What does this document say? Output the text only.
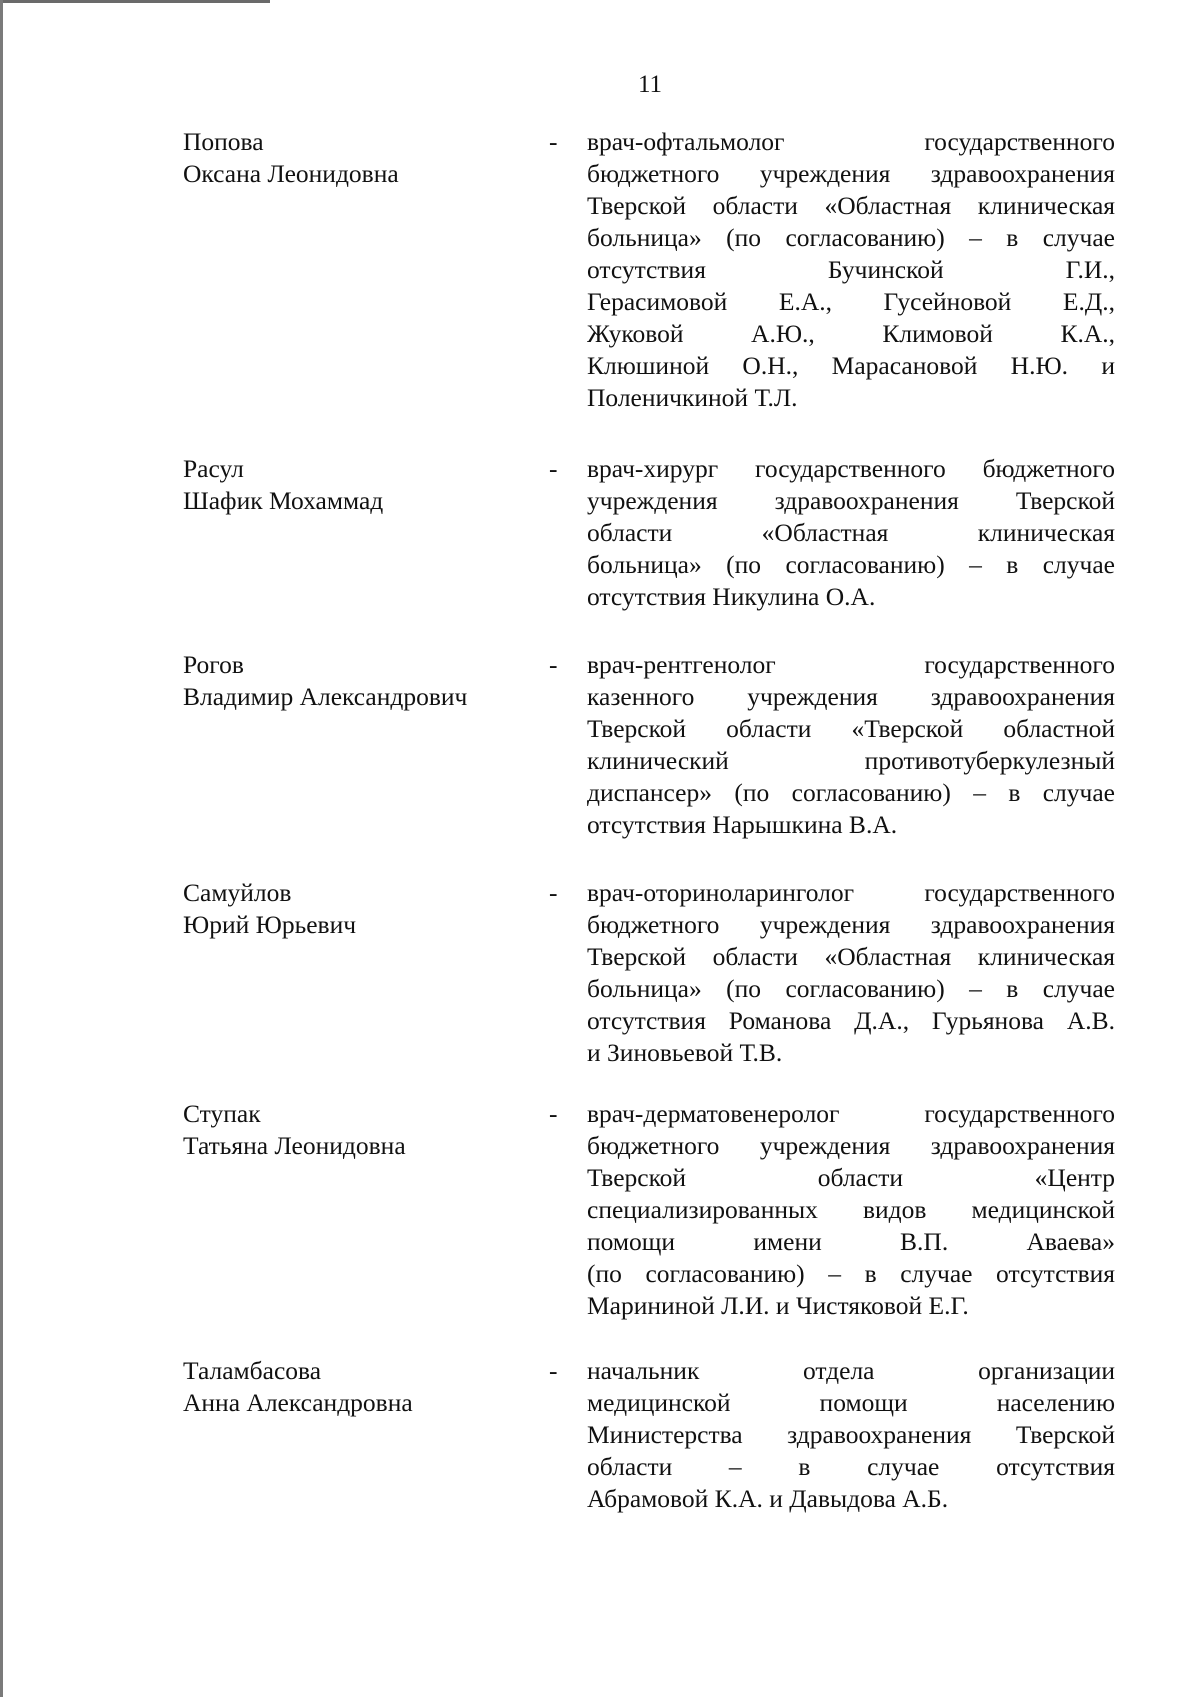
11
Попова
Оксана Леонидовна
- врач-офтальмолог государственного
бюджетного учреждения здравоохранения
Тверской области «Областная клиническая
больница» (по согласованию) – в случае
отсутствия Бучинской Г.И.,
Герасимовой Е.А., Гусейновой Е.Д.,
Жуковой А.Ю., Климовой К.А.,
Клюшиной О.Н., Марасановой Н.Ю. и
Поленичкиной Т.Л.
Расул
Шафик Мохаммад
- врач-хирург государственного бюджетного
учреждения здравоохранения Тверской
области «Областная клиническая
больница» (по согласованию) – в случае
отсутствия Никулина О.А.
Рогов
Владимир Александрович
- врач-рентгенолог государственного
казенного учреждения здравоохранения
Тверской области «Тверской областной
клинический противотуберкулезный
диспансер» (по согласованию) – в случае
отсутствия Нарышкина В.А.
Самуйлов
Юрий Юрьевич
- врач-оториноларинголог государственного
бюджетного учреждения здравоохранения
Тверской области «Областная клиническая
больница» (по согласованию) – в случае
отсутствия Романова Д.А., Гурьянова А.В.
и Зиновьевой Т.В.
Ступак
Татьяна Леонидовна
- врач-дерматовенеролог государственного
бюджетного учреждения здравоохранения
Тверской области «Центр
специализированных видов медицинской
помощи имени В.П. Аваева»
(по согласованию) – в случае отсутствия
Марининой Л.И. и Чистяковой Е.Г.
Таламбасова
Анна Александровна
- начальник отдела организации
медицинской помощи населению
Министерства здравоохранения Тверской
области – в случае отсутствия
Абрамовой К.А. и Давыдова А.Б.
